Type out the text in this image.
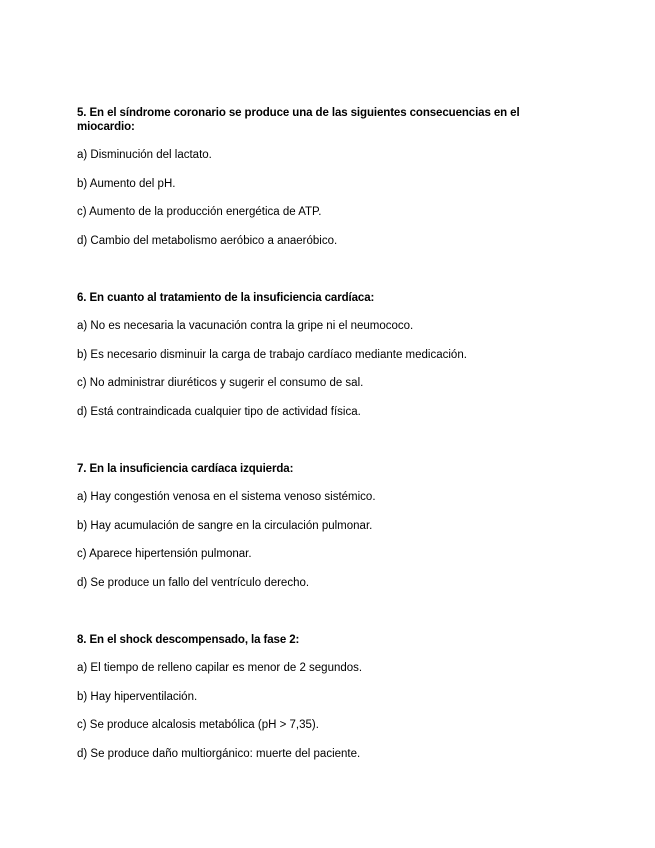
5. En el síndrome coronario se produce una de las siguientes consecuencias en el miocardio:
a) Disminución del lactato.
b) Aumento del pH.
c) Aumento de la producción energética de ATP.
d) Cambio del metabolismo aeróbico a anaeróbico.
6. En cuanto al tratamiento de la insuficiencia cardíaca:
a) No es necesaria la vacunación contra la gripe ni el neumococo.
b) Es necesario disminuir la carga de trabajo cardíaco mediante medicación.
c) No administrar diuréticos y sugerir el consumo de sal.
d) Está contraindicada cualquier tipo de actividad física.
7. En la insuficiencia cardíaca izquierda:
a) Hay congestión venosa en el sistema venoso sistémico.
b) Hay acumulación de sangre en la circulación pulmonar.
c) Aparece hipertensión pulmonar.
d) Se produce un fallo del ventrículo derecho.
8. En el shock descompensado, la fase 2:
a) El tiempo de relleno capilar es menor de 2 segundos.
b) Hay hiperventilación.
c) Se produce alcalosis metabólica (pH > 7,35).
d) Se produce daño multiorgánico: muerte del paciente.
